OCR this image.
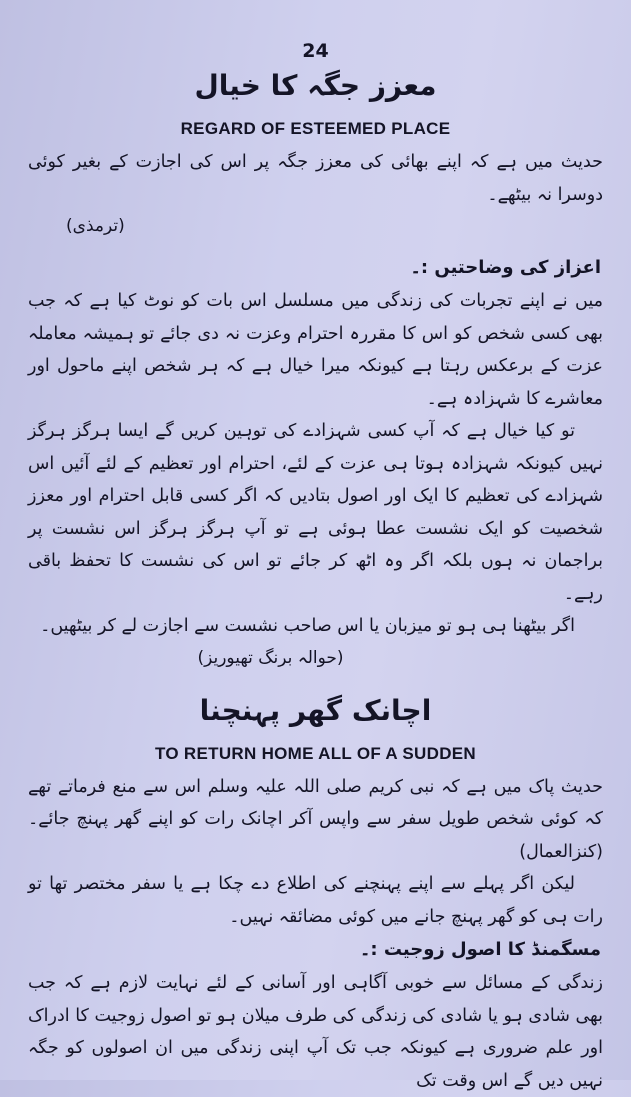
24

معزز جگہ کا خیال
REGARD OF ESTEEMED PLACE

حدیث میں ہے کہ اپنے بھائی کی معزز جگہ پر اس کی اجازت کے بغیر کوئی دوسرا نہ بیٹھے۔

(ترمذی)

اعزاز کی وضاحتیں :۔

میں نے اپنے تجربات کی زندگی میں مسلسل اس بات کو نوٹ کیا ہے کہ جب بھی کسی شخص کو اس کا مقررہ احترام وعزت نہ دی جائے تو ہمیشہ معاملہ عزت کے برعکس رہتا ہے کیونکہ میرا خیال ہے کہ ہر شخص اپنے ماحول اور معاشرے کا شہزادہ ہے۔

تو کیا خیال ہے کہ آپ کسی شہزادے کی توہین کریں گے ایسا ہرگز ہرگز نہیں کیونکہ شہزادہ ہوتا ہی عزت کے لئے، احترام اور تعظیم کے لئے آئیں اس شہزادے کی تعظیم کا ایک اور اصول بتادیں کہ اگر کسی قابل احترام اور معزز شخصیت کو ایک نشست عطا ہوئی ہے تو آپ ہرگز ہرگز اس نشست پر براجمان نہ ہوں بلکہ اگر وہ اٹھ کر جائے تو اس کی نشست کا تحفظ باقی رہے۔

اگر بیٹھنا ہی ہو تو میزبان یا اس صاحب نشست سے اجازت لے کر بیٹھیں۔

(حوالہ برنگ تھیوریز)

اچانک گھر پہنچنا
TO RETURN HOME ALL OF A SUDDEN

حدیث پاک میں ہے کہ نبی کریم صلی اللہ علیہ وسلم اس سے منع فرماتے تھے کہ کوئی شخص طویل سفر سے واپس آکر اچانک رات کو اپنے گھر پہنچ جائے۔ (کنزالعمال)

لیکن اگر پہلے سے اپنے پہنچنے کی اطلاع دے چکا ہے یا سفر مختصر تھا تو رات ہی کو گھر پہنچ جانے میں کوئی مضائقہ نہیں۔

مسگمنڈ کا اصول زوجیت :۔

زندگی کے مسائل سے خوبی آگاہی اور آسانی کے لئے نہایت لازم ہے کہ جب بھی شادی ہو یا شادی کی زندگی کی طرف میلان ہو تو اصول زوجیت کا ادراک اور علم ضروری ہے کیونکہ جب تک آپ اپنی زندگی میں ان اصولوں کو جگہ نہیں دیں گے اس وقت تک
